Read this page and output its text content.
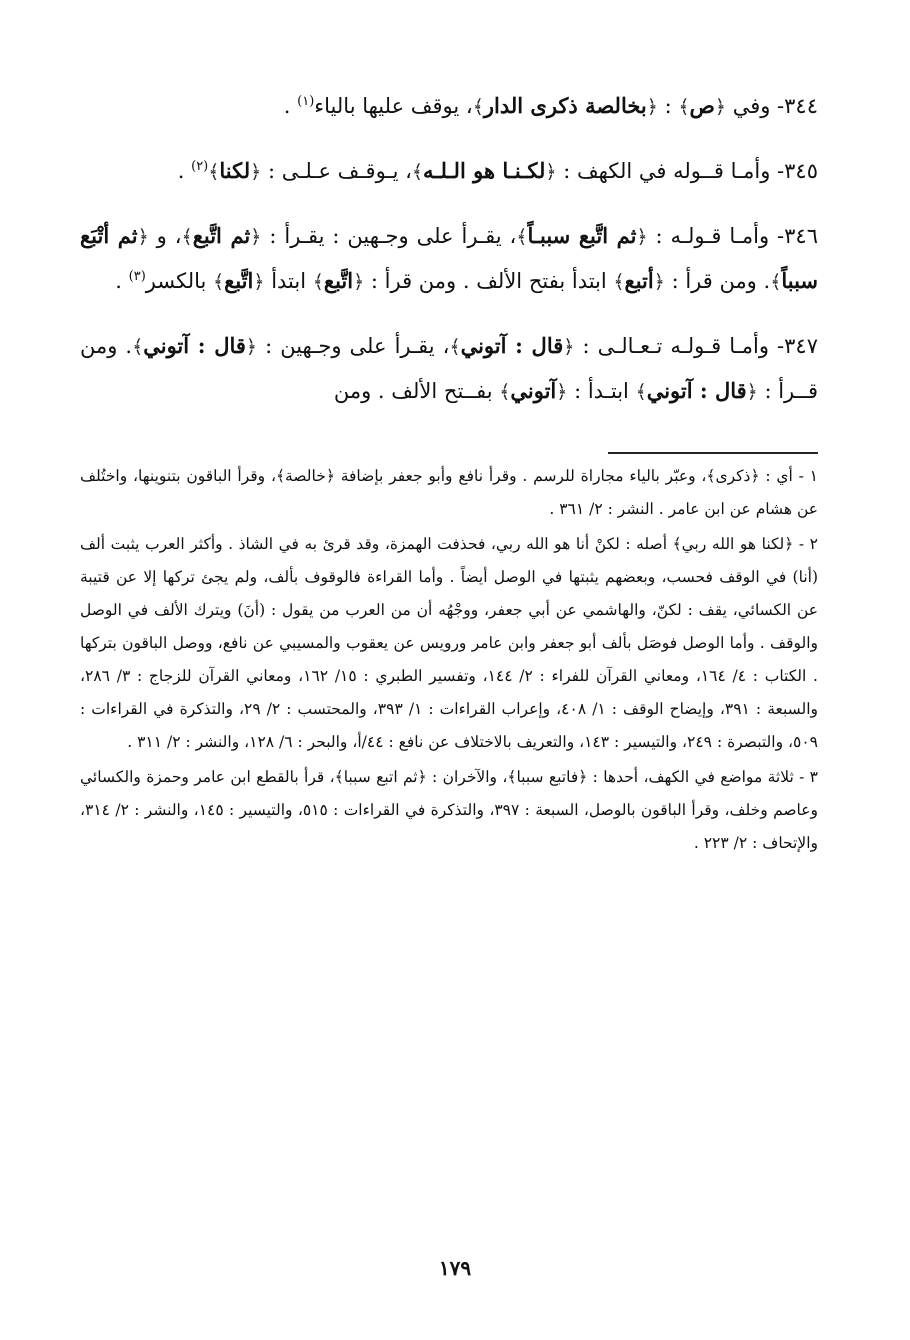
٣٤٤- وفي ﴿ص﴾ : ﴿بخالصة ذكرى الدار﴾، يوقف عليها بالياء$^{(١)}$ .

٣٤٥- وأمـا قــوله في الكهف : ﴿لكـنـا هو الـلـه﴾، يـوقـف عـلـى : ﴿لكنا﴾$^{(٢)}$ .

٣٤٦- وأمـا قـولـه : ﴿ثم اتَّبع سببـاً﴾، يقـرأ على وجـهين : يقـرأ : ﴿ثم اتَّبع﴾، و ﴿ثم أتْبَع سبباً﴾. ومن قرأ : ﴿أتبع﴾ ابتدأ بفتح الألف . ومن قرأ : ﴿اتَّبع﴾ ابتدأ ﴿اتَّبع﴾ بالكسر$^{(٣)}$ .

٣٤٧- وأمـا قـولـه تـعـالـى : ﴿قال : آتوني﴾، يقـرأ على وجـهين : ﴿قال : آتوني﴾. ومن قــرأ : ﴿قال : آتوني﴾ ابتـدأ : ﴿آتوني﴾ بفــتح الألف . ومن

١ - أي : ﴿ذكرى﴾، وعبّر بالياء مجاراة للرسم . وقرأ نافع وأبو جعفر بإضافة ﴿خالصة﴾، وقرأ الباقون بتنوينها، واختُلف عن هشام عن ابن عامر . النشر : ٢/ ٣٦١ .

٢ - ﴿لكنا هو الله ربي﴾ أصله : لكنْ أنا هو الله ربي، فحذفت الهمزة، وقد قرئ به في الشاذ . وأكثر العرب يثبت ألف (أنا) في الوقف فحسب، وبعضهم يثبتها في الوصل أيضاً . وأما القراءة فالوقوف بألف، ولم يجئ تركها إلا عن قتيبة عن الكسائي، يقف : لكنّ، والهاشمي عن أبي جعفر، ووجْهُه أن من العرب من يقول : (أنَ) ويترك الألف في الوصل والوقف . وأما الوصل فوصَل بألف أبو جعفر وابن عامر ورويس عن يعقوب والمسيبي عن نافع، ووصل الباقون بتركها . الكتاب : ٤/ ١٦٤، ومعاني القرآن للفراء : ٢/ ١٤٤، وتفسير الطبري : ١٥/ ١٦٢، ومعاني القرآن للزجاج : ٣/ ٢٨٦، والسبعة : ٣٩١، وإيضاح الوقف : ١/ ٤٠٨، وإعراب القراءات : ١/ ٣٩٣، والمحتسب : ٢/ ٢٩، والتذكرة في القراءات : ٥٠٩، والتبصرة : ٢٤٩، والتيسير : ١٤٣، والتعريف بالاختلاف عن نافع : ٤٤/أ، والبحر : ٦/ ١٢٨، والنشر : ٢/ ٣١١ .

٣ - ثلاثة مواضع في الكهف، أحدها : ﴿فاتبع سببا﴾، والآخران : ﴿ثم اتبع سببا﴾، قرأ بالقطع ابن عامر وحمزة والكسائي وعاصم وخلف، وقرأ الباقون بالوصل، السبعة : ٣٩٧، والتذكرة في القراءات : ٥١٥، والتيسير : ١٤٥، والنشر : ٢/ ٣١٤، والإتحاف : ٢/ ٢٢٣ .

١٧٩
